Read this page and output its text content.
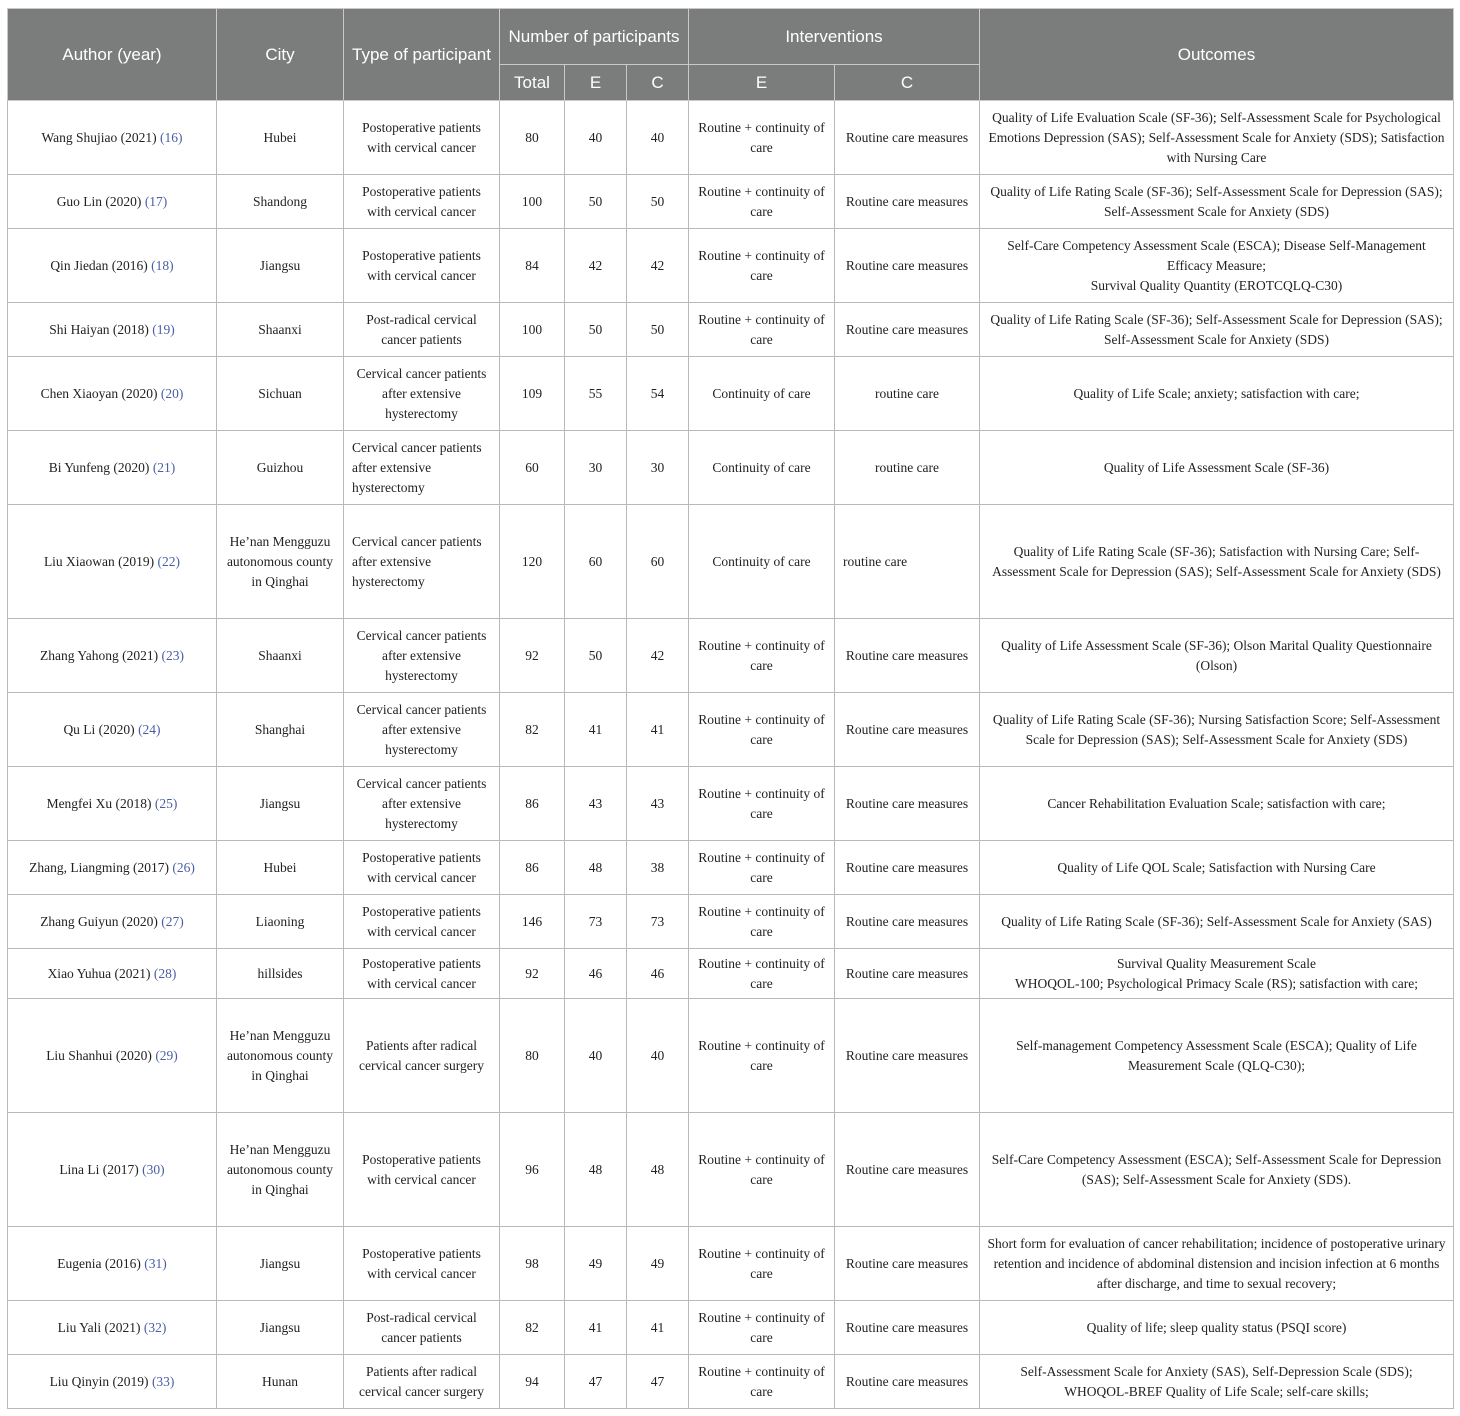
Author (year)	City	Type of participant	Number of participants			Interventions		Outcomes
			Total	E	C	E	C	
Wang Shujiao (2021) (16)	Hubei	Postoperative patients with cervical cancer	80	40	40	Routine + continuity of care	Routine care measures	Quality of Life Evaluation Scale (SF-36); Self-Assessment Scale for Psychological Emotions Depression (SAS); Self-Assessment Scale for Anxiety (SDS); Satisfaction with Nursing Care
Guo Lin (2020) (17)	Shandong	Postoperative patients with cervical cancer	100	50	50	Routine + continuity of care	Routine care measures	Quality of Life Rating Scale (SF-36); Self-Assessment Scale for Depression (SAS); Self-Assessment Scale for Anxiety (SDS)
Qin Jiedan (2016) (18)	Jiangsu	Postoperative patients with cervical cancer	84	42	42	Routine + continuity of care	Routine care measures	Self-Care Competency Assessment Scale (ESCA); Disease Self-Management Efficacy Measure;
Survival Quality Quantity (EROTCQLQ-C30)
Shi Haiyan (2018) (19)	Shaanxi	Post-radical cervical cancer patients	100	50	50	Routine + continuity of care	Routine care measures	Quality of Life Rating Scale (SF-36); Self-Assessment Scale for Depression (SAS); Self-Assessment Scale for Anxiety (SDS)
Chen Xiaoyan (2020) (20)	Sichuan	Cervical cancer patients after extensive hysterectomy	109	55	54	Continuity of care	routine care	Quality of Life Scale; anxiety; satisfaction with care;
Bi Yunfeng (2020) (21)	Guizhou	Cervical cancer patients after extensive hysterectomy	60	30	30	Continuity of care	routine care	Quality of Life Assessment Scale (SF-36)
Liu Xiaowan (2019) (22)	He’nan Mengguzu autonomous county in Qinghai	Cervical cancer patients after extensive hysterectomy	120	60	60	Continuity of care	routine care	Quality of Life Rating Scale (SF-36); Satisfaction with Nursing Care; Self-Assessment Scale for Depression (SAS); Self-Assessment Scale for Anxiety (SDS)
Zhang Yahong (2021) (23)	Shaanxi	Cervical cancer patients after extensive hysterectomy	92	50	42	Routine + continuity of care	Routine care measures	Quality of Life Assessment Scale (SF-36); Olson Marital Quality Questionnaire (Olson)
Qu Li (2020) (24)	Shanghai	Cervical cancer patients after extensive hysterectomy	82	41	41	Routine + continuity of care	Routine care measures	Quality of Life Rating Scale (SF-36); Nursing Satisfaction Score; Self-Assessment Scale for Depression (SAS); Self-Assessment Scale for Anxiety (SDS)
Mengfei Xu (2018) (25)	Jiangsu	Cervical cancer patients after extensive hysterectomy	86	43	43	Routine + continuity of care	Routine care measures	Cancer Rehabilitation Evaluation Scale; satisfaction with care;
Zhang, Liangming (2017) (26)	Hubei	Postoperative patients with cervical cancer	86	48	38	Routine + continuity of care	Routine care measures	Quality of Life QOL Scale; Satisfaction with Nursing Care
Zhang Guiyun (2020) (27)	Liaoning	Postoperative patients with cervical cancer	146	73	73	Routine + continuity of care	Routine care measures	Quality of Life Rating Scale (SF-36); Self-Assessment Scale for Anxiety (SAS)
Xiao Yuhua (2021) (28)	hillsides	Postoperative patients with cervical cancer	92	46	46	Routine + continuity of care	Routine care measures	Survival Quality Measurement Scale
WHOQOL-100; Psychological Primacy Scale (RS); satisfaction with care;
Liu Shanhui (2020) (29)	He’nan Mengguzu autonomous county in Qinghai	Patients after radical cervical cancer surgery	80	40	40	Routine + continuity of care	Routine care measures	Self-management Competency Assessment Scale (ESCA); Quality of Life Measurement Scale (QLQ-C30);
Lina Li (2017) (30)	He’nan Mengguzu autonomous county in Qinghai	Postoperative patients with cervical cancer	96	48	48	Routine + continuity of care	Routine care measures	Self-Care Competency Assessment (ESCA); Self-Assessment Scale for Depression (SAS); Self-Assessment Scale for Anxiety (SDS).
Eugenia (2016) (31)	Jiangsu	Postoperative patients with cervical cancer	98	49	49	Routine + continuity of care	Routine care measures	Short form for evaluation of cancer rehabilitation; incidence of postoperative urinary retention and incidence of abdominal distension and incision infection at 6 months after discharge, and time to sexual recovery;
Liu Yali (2021) (32)	Jiangsu	Post-radical cervical cancer patients	82	41	41	Routine + continuity of care	Routine care measures	Quality of life; sleep quality status (PSQI score)
Liu Qinyin (2019) (33)	Hunan	Patients after radical cervical cancer surgery	94	47	47	Routine + continuity of care	Routine care measures	Self-Assessment Scale for Anxiety (SAS), Self-Depression Scale (SDS);
WHOQOL-BREF Quality of Life Scale; self-care skills;
